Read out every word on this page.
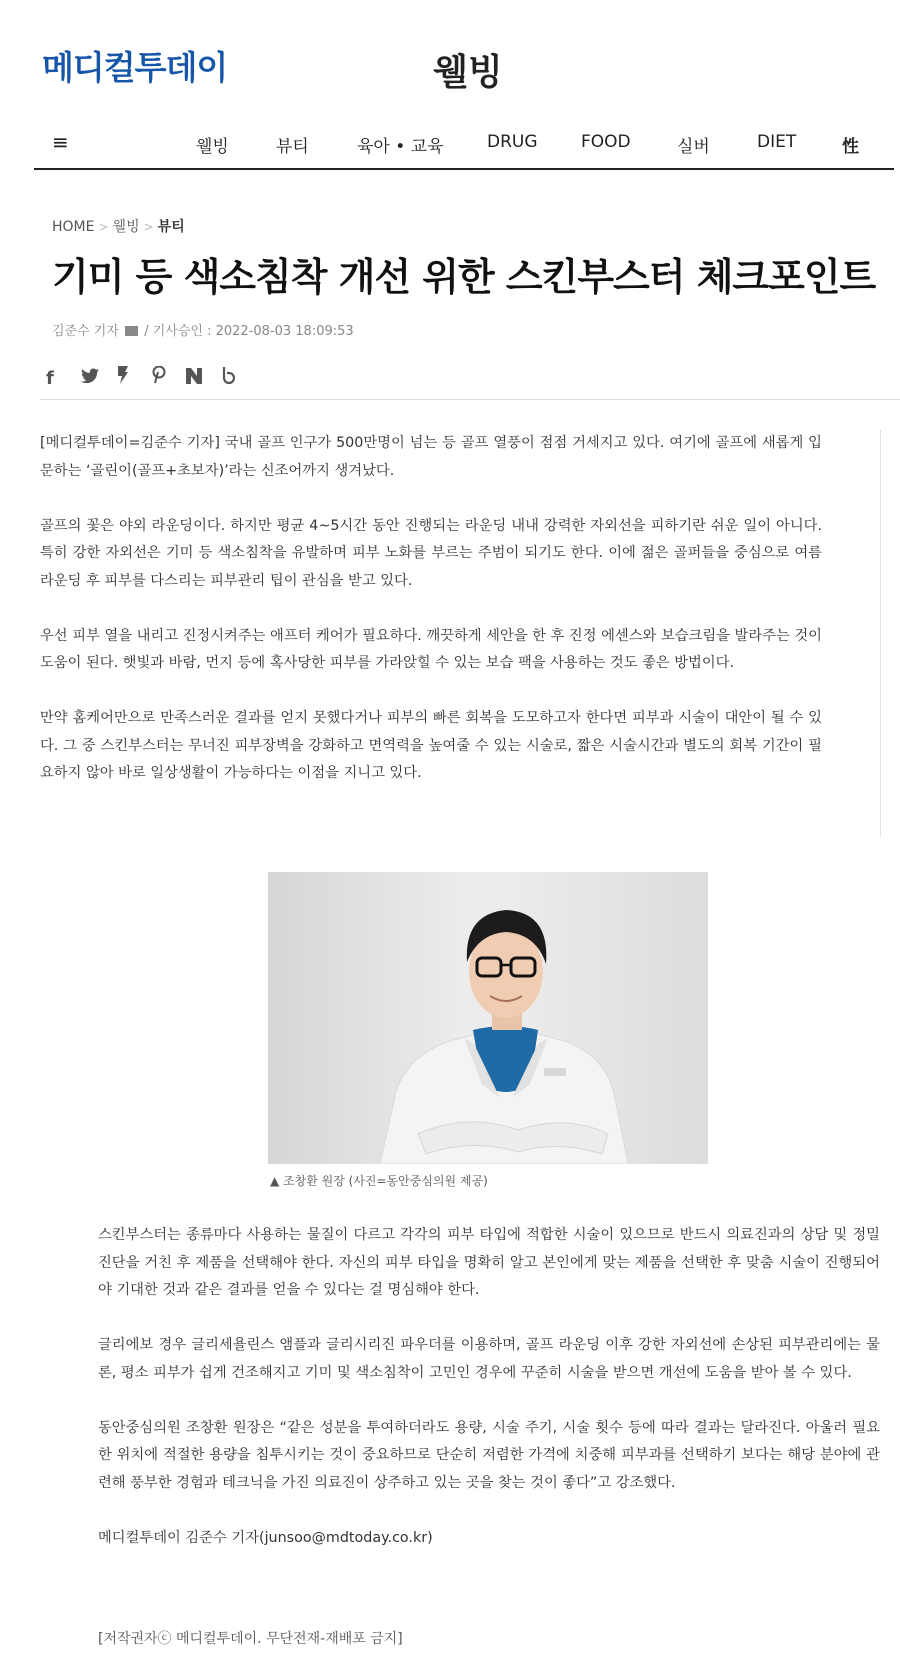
메디컬투데이	웰빙
≡	웰빙	뷰티	육아 • 교육	DRUG	FOOD	실버	DIET	性
HOME > 웰빙 > 뷰티
기미 등 색소침착 개선 위한 스킨부스터 체크포인트
김준수 기자 / 기사승인 : 2022-08-03 18:09:53
f

[메디컬투데이=김준수 기자] 국내 골프 인구가 500만명이 넘는 등 골프 열풍이 점점 거세지고 있다. 여기에 골프에 새롭게 입문하는 ‘골린이(골프+초보자)’라는 신조어까지 생겨났다.

골프의 꽃은 야외 라운딩이다. 하지만 평균 4~5시간 동안 진행되는 라운딩 내내 강력한 자외선을 피하기란 쉬운 일이 아니다. 특히 강한 자외선은 기미 등 색소침착을 유발하며 피부 노화를 부르는 주범이 되기도 한다. 이에 젊은 골퍼들을 중심으로 여름 라운딩 후 피부를 다스리는 피부관리 팁이 관심을 받고 있다.

우선 피부 열을 내리고 진정시켜주는 애프터 케어가 필요하다. 깨끗하게 세안을 한 후 진정 에센스와 보습크림을 발라주는 것이 도움이 된다. 햇빛과 바람, 먼지 등에 혹사당한 피부를 가라앉힐 수 있는 보습 팩을 사용하는 것도 좋은 방법이다.

만약 홈케어만으로 만족스러운 결과를 얻지 못했다거나 피부의 빠른 회복을 도모하고자 한다면 피부과 시술이 대안이 될 수 있다. 그 중 스킨부스터는 무너진 피부장벽을 강화하고 면역력을 높여줄 수 있는 시술로, 짧은 시술시간과 별도의 회복 기간이 필요하지 않아 바로 일상생활이 가능하다는 이점을 지니고 있다.

▲ 조창환 원장 (사진=동안중심의원 제공)

스킨부스터는 종류마다 사용하는 물질이 다르고 각각의 피부 타입에 적합한 시술이 있으므로 반드시 의료진과의 상담 및 정밀진단을 거친 후 제품을 선택해야 한다. 자신의 피부 타입을 명확히 알고 본인에게 맞는 제품을 선택한 후 맞춤 시술이 진행되어야 기대한 것과 같은 결과를 얻을 수 있다는 걸 명심해야 한다.

글리에보 경우 글리세욜린스 앰플과 글리시리진 파우더를 이용하며, 골프 라운딩 이후 강한 자외선에 손상된 피부관리에는 물론, 평소 피부가 쉽게 건조해지고 기미 및 색소침착이 고민인 경우에 꾸준히 시술을 받으면 개선에 도움을 받아 볼 수 있다.

동안중심의원 조창환 원장은 “같은 성분을 투여하더라도 용량, 시술 주기, 시술 횟수 등에 따라 결과는 달라진다. 아울러 필요한 위치에 적절한 용량을 침투시키는 것이 중요하므로 단순히 저렴한 가격에 치중해 피부과를 선택하기 보다는 해당 분야에 관련해 풍부한 경험과 테크닉을 가진 의료진이 상주하고 있는 곳을 찾는 것이 좋다”고 강조했다.

메디컬투데이 김준수 기자(junsoo@mdtoday.co.kr)

[저작권자ⓒ 메디컬투데이. 무단전재-재배포 금지]
